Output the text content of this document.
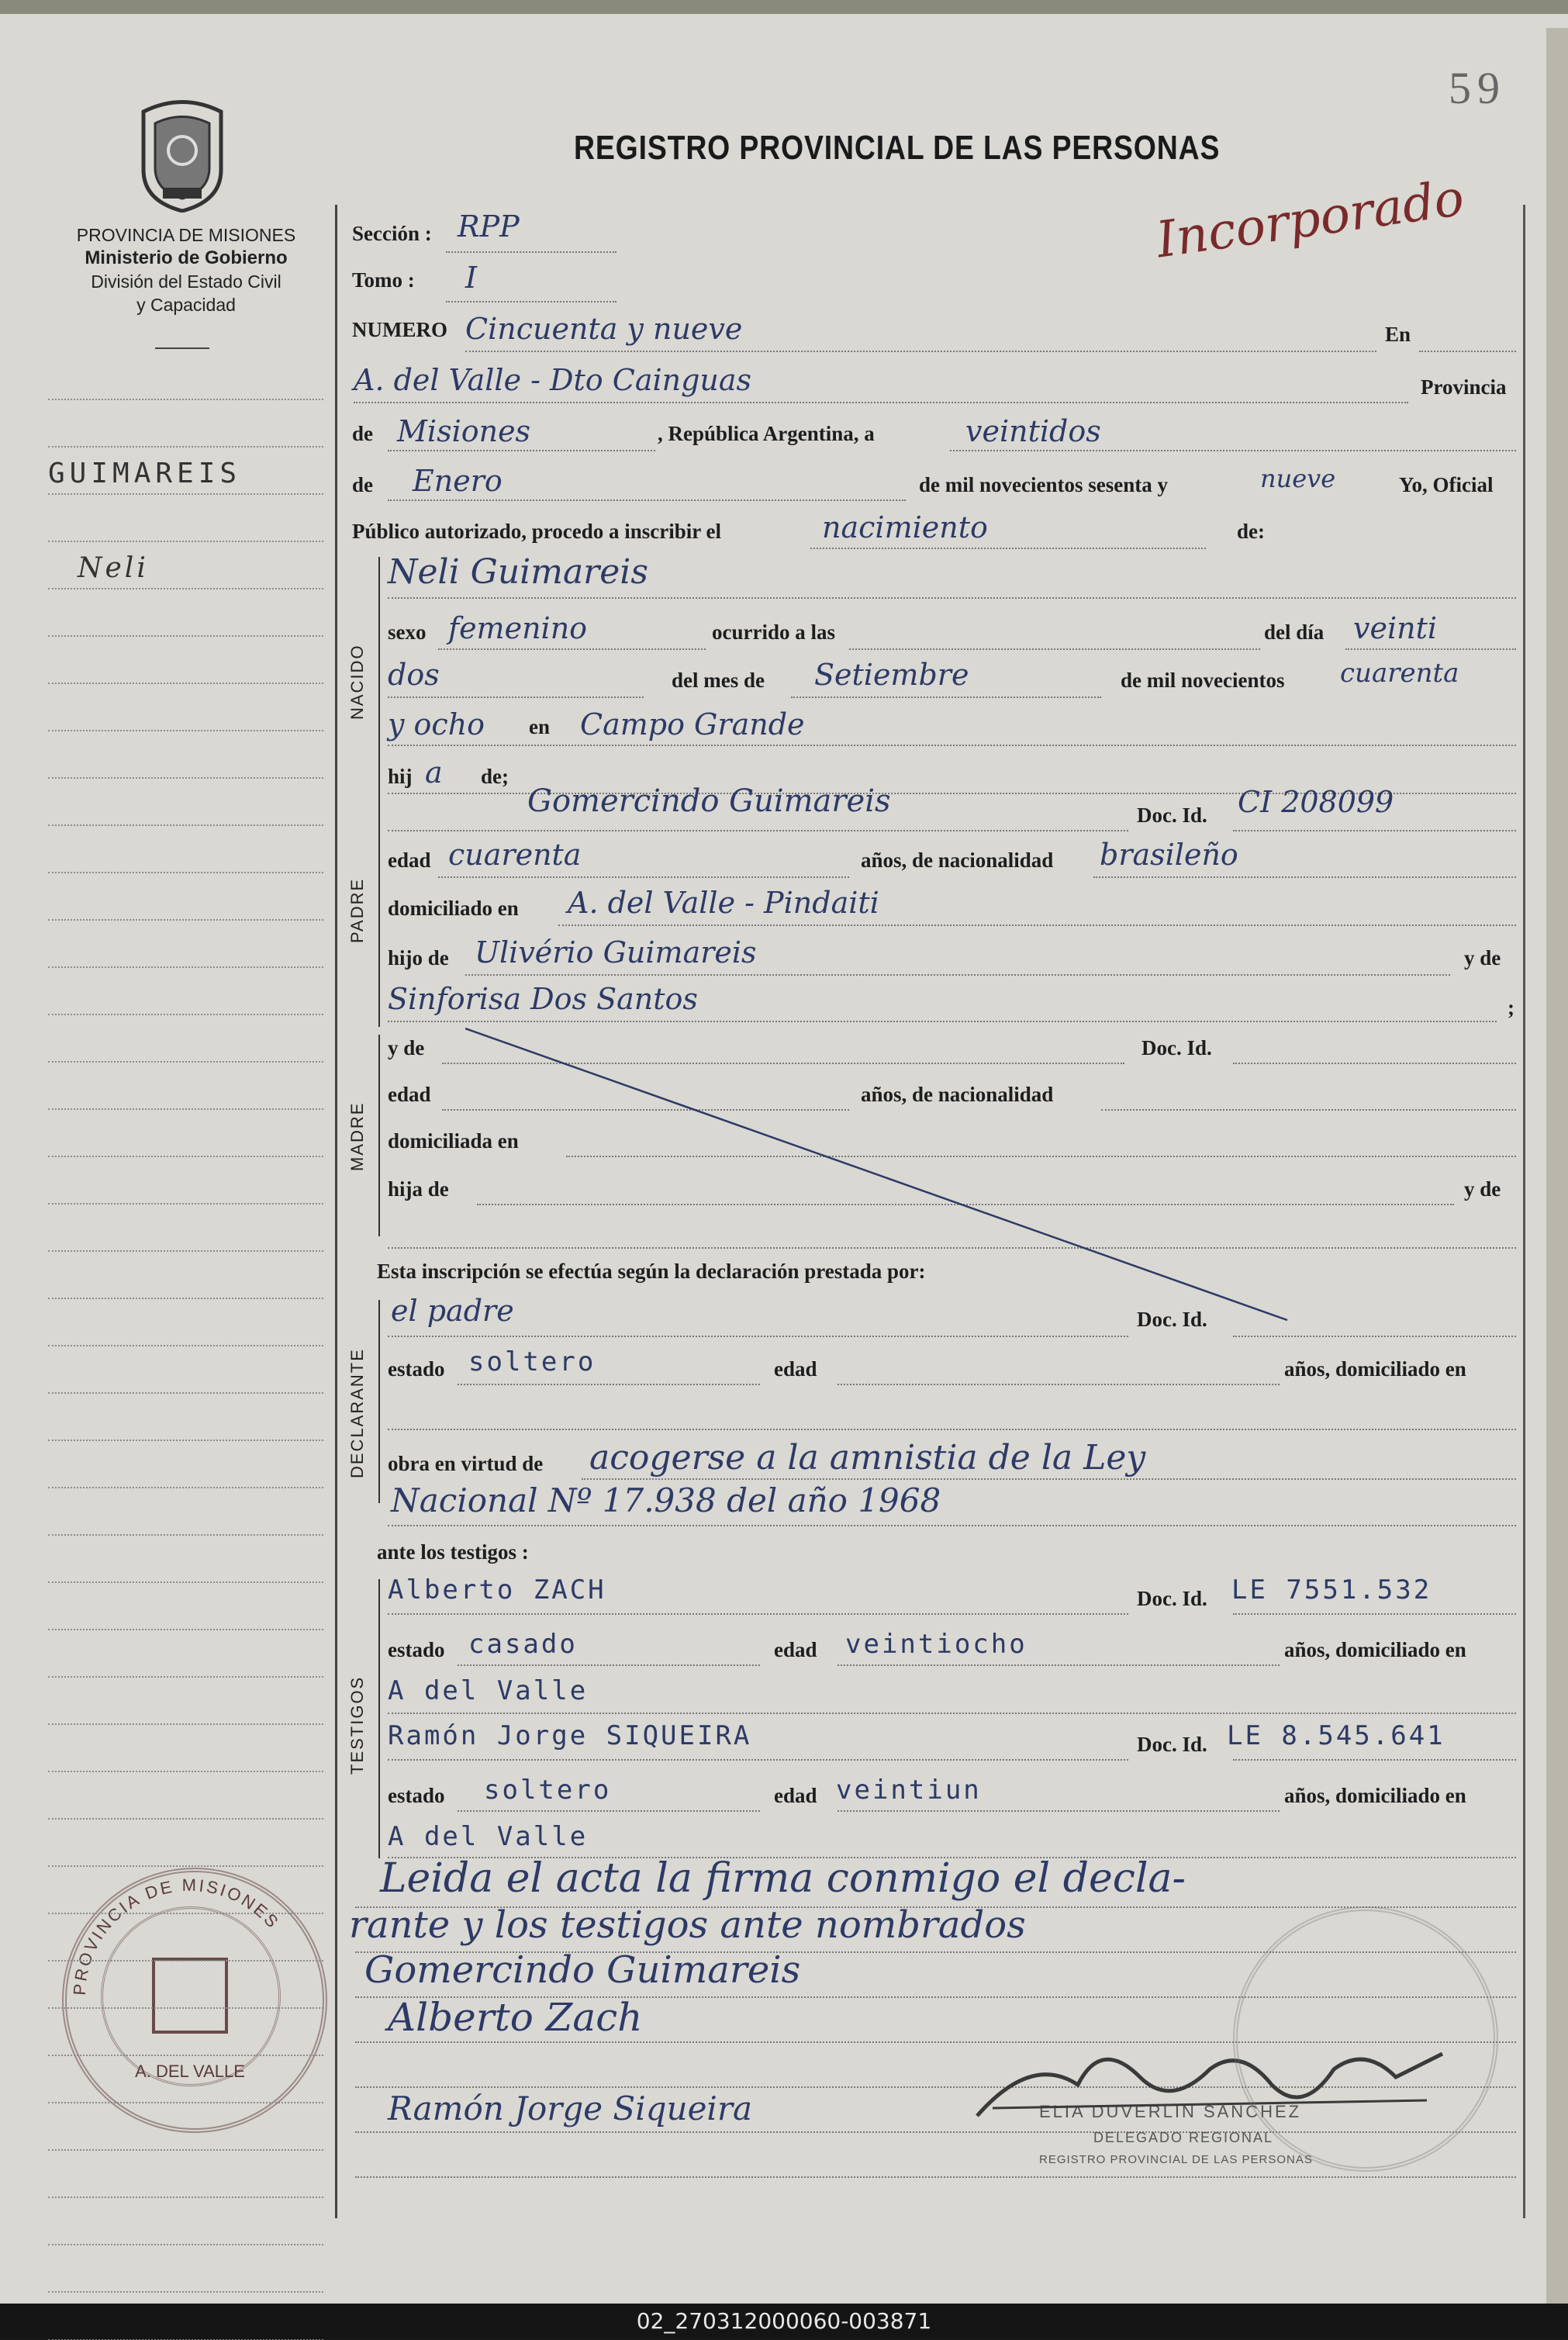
59
REGISTRO PROVINCIAL DE LAS PERSONAS
Incorporado
PROVINCIA DE MISIONES
Ministerio de Gobierno
División del Estado Civil
y Capacidad
GUIMAREIS
Neli
Sección : RPP
Tomo : I
NUMERO Cincuenta y nueve	En
A. del Valle - Dto Cainguas	Provincia
de Misiones	, República Argentina, a	veintidos
de Enero	de mil novecientos sesenta y	nueve	Yo, Oficial
Público autorizado, procedo a inscribir el	nacimiento	de:
NACIDO
Neli Guimareis
sexo femenino	ocurrido a las	del día veinti
dos	del mes de Setiembre	de mil novecientos cuarenta
y ocho en Campo Grande
hij a de;
PADRE
Gomercindo Guimareis	Doc. Id. CI 208099
edad cuarenta	años, de nacionalidad brasileño
domiciliado en A. del Valle - Pindaiti
hijo de Ulivério Guimareis	y de
Sinforisa Dos Santos	;
MADRE
y de	Doc. Id.
edad	años, de nacionalidad
domiciliada en
hija de	y de
Esta inscripción se efectúa según la declaración prestada por:
DECLARANTE
el padre	Doc. Id.
estado soltero	edad	años, domiciliado en
obra en virtud de acogerse a la amnistia de la Ley
Nacional Nº 17.938 del año 1968
ante los testigos :
TESTIGOS
Alberto ZACH	Doc. Id. LE 7551.532
estado casado	edad veintiocho	años, domiciliado en
A del Valle
Ramón Jorge SIQUEIRA	Doc. Id. LE 8.545.641
estado soltero	edad veintiun	años, domiciliado en
A del Valle
Leida el acta la firma conmigo el decla-
rante y los testigos ante nombrados
Gomercindo Guimareis
Alberto Zach
Ramón Jorge Siqueira	ELIA DUVERLIN SANCHEZ
DELEGADO REGIONAL
REGISTRO PROVINCIAL DE LAS PERSONAS
PROVINCIA DE MISIONES
A. DEL VALLE
02_270312000060-003871
